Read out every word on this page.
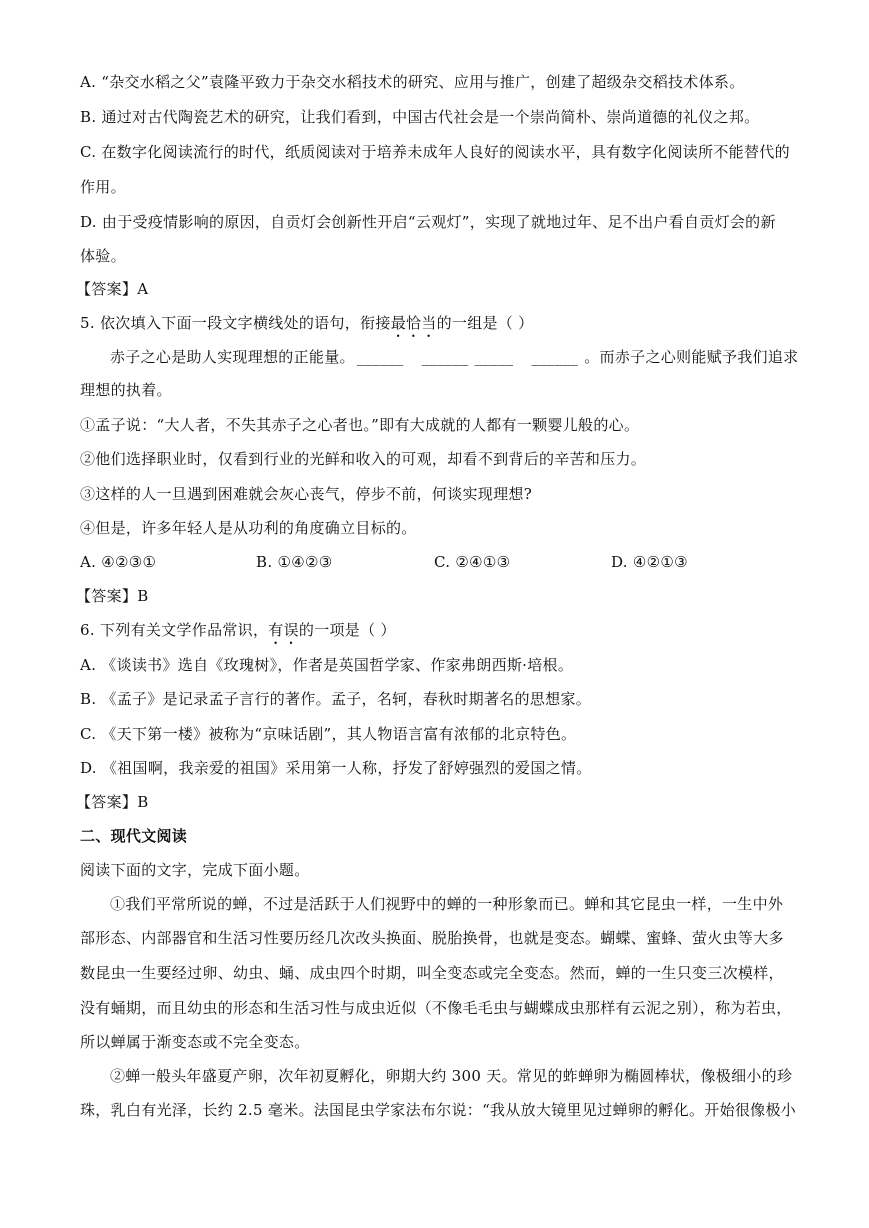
A. “杂交水稻之父”袁隆平致力于杂交水稻技术的研究、应用与推广，创建了超级杂交稻技术体系。
B. 通过对古代陶瓷艺术的研究，让我们看到，中国古代社会是一个崇尚简朴、崇尚道德的礼仪之邦。
C. 在数字化阅读流行的时代，纸质阅读对于培养未成年人良好的阅读水平，具有数字化阅读所不能替代的
作用。
D. 由于受疫情影响的原因，自贡灯会创新性开启“云观灯”，实现了就地过年、足不出户看自贡灯会的新
体验。
【答案】A
5. 依次填入下面一段文字横线处的语句，衔接最恰当的一组是（ ）
赤子之心是助人实现理想的正能量。 ______ ______ _____ ______ 。而赤子之心则能赋予我们追求
理想的执着。
①孟子说：“大人者，不失其赤子之心者也。”即有大成就的人都有一颗婴儿般的心。
②他们选择职业时，仅看到行业的光鲜和收入的可观，却看不到背后的辛苦和压力。
③这样的人一旦遇到困难就会灰心丧气，停步不前，何谈实现理想?
④但是，许多年轻人是从功利的角度确立目标的。
A. ④②③①	B. ①④②③	C. ②④①③	D. ④②①③
【答案】B
6. 下列有关文学作品常识，有误的一项是（ ）
A. 《谈读书》选自《玫瑰树》，作者是英国哲学家、作家弗朗西斯·培根。
B. 《孟子》是记录孟子言行的著作。孟子，名轲，春秋时期著名的思想家。
C. 《天下第一楼》被称为“京味话剧”，其人物语言富有浓郁的北京特色。
D. 《祖国啊，我亲爱的祖国》采用第一人称，抒发了舒婷强烈的爱国之情。
【答案】B
二、现代文阅读
阅读下面的文字，完成下面小题。
①我们平常所说的蝉，不过是活跃于人们视野中的蝉的一种形象而已。蝉和其它昆虫一样，一生中外
部形态、内部器官和生活习性要历经几次改头换面、脱胎换骨，也就是变态。蝴蝶、蜜蜂、萤火虫等大多
数昆虫一生要经过卵、幼虫、蛹、成虫四个时期，叫全变态或完全变态。然而，蝉的一生只变三次模样，
没有蛹期，而且幼虫的形态和生活习性与成虫近似（不像毛毛虫与蝴蝶成虫那样有云泥之别），称为若虫，
所以蝉属于渐变态或不完全变态。
②蝉一般头年盛夏产卵，次年初夏孵化，卵期大约 300 天。常见的蚱蝉卵为椭圆棒状，像极细小的珍
珠，乳白有光泽，长约 2.5 毫米。法国昆虫学家法布尔说：“我从放大镜里见过蝉卵的孵化。开始很像极小
